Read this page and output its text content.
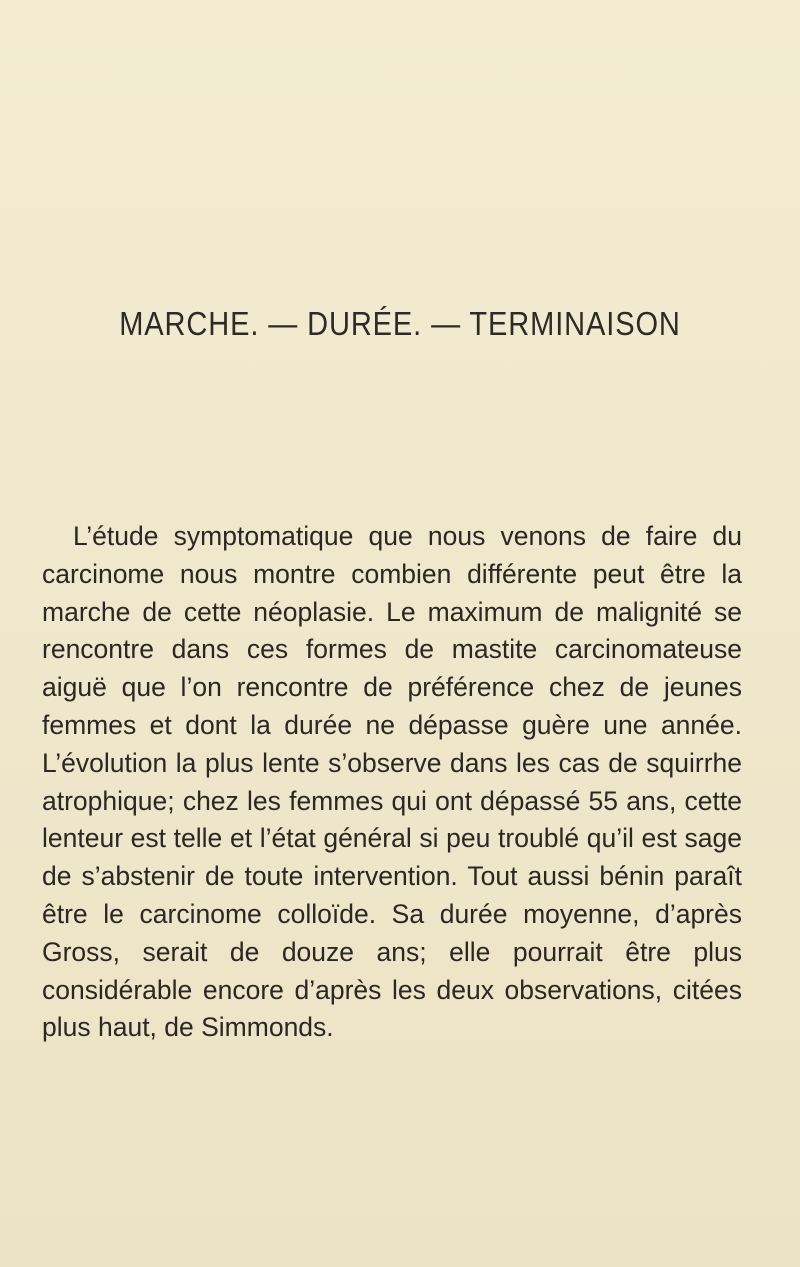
MARCHE. — DURÉE. — TERMINAISON

L’étude symptomatique que nous venons de faire du carcinome nous montre combien différente peut être la marche de cette néoplasie. Le maximum de malignité se rencontre dans ces formes de mastite carcinomateuse aiguë que l’on rencontre de préférence chez de jeunes femmes et dont la durée ne dépasse guère une année. L’évolution la plus lente s’observe dans les cas de squirrhe atrophique; chez les femmes qui ont dépassé 55 ans, cette lenteur est telle et l’état général si peu troublé qu’il est sage de s’abstenir de toute intervention. Tout aussi bénin paraît être le carcinome colloïde. Sa durée moyenne, d’après Gross, serait de douze ans; elle pourrait être plus considérable encore d’après les deux observations, citées plus haut, de Simmonds.
